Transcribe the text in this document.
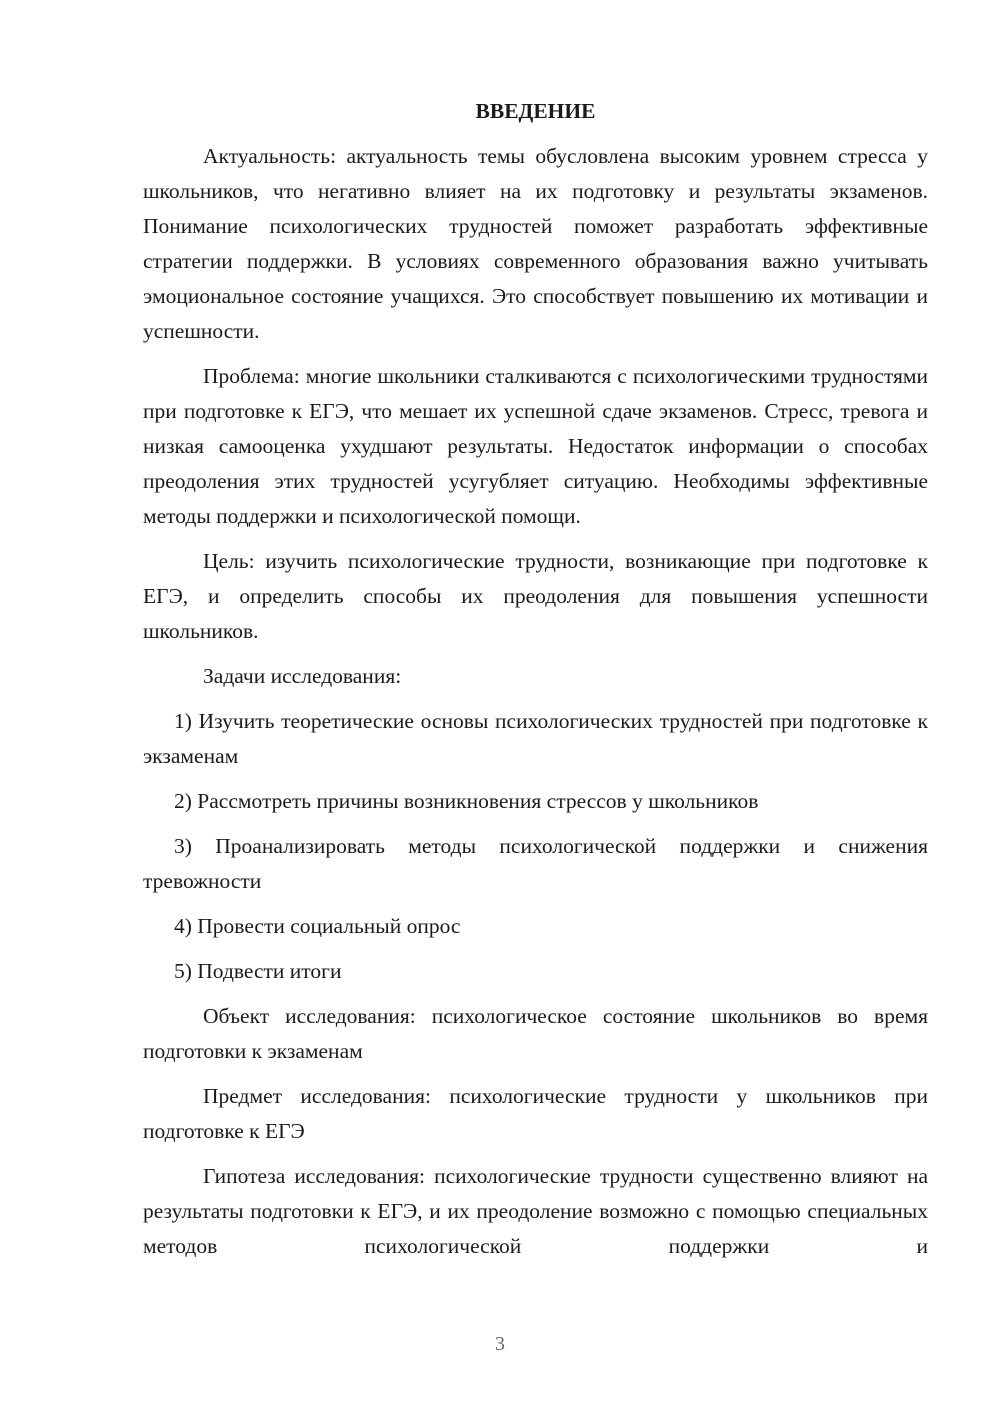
ВВЕДЕНИЕ

Актуальность: актуальность темы обусловлена высоким уровнем стресса у школьников, что негативно влияет на их подготовку и результаты экзаменов. Понимание психологических трудностей поможет разработать эффективные стратегии поддержки. В условиях современного образования важно учитывать эмоциональное состояние учащихся. Это способствует повышению их мотивации и успешности.

Проблема: многие школьники сталкиваются с психологическими трудностями при подготовке к ЕГЭ, что мешает их успешной сдаче экзаменов. Стресс, тревога и низкая самооценка ухудшают результаты. Недостаток информации о способах преодоления этих трудностей усугубляет ситуацию. Необходимы эффективные методы поддержки и психологической помощи.

Цель: изучить психологические трудности, возникающие при подготовке к ЕГЭ, и определить способы их преодоления для повышения успешности школьников.

Задачи исследования:

1) Изучить теоретические основы психологических трудностей при подготовке к экзаменам

2) Рассмотреть причины возникновения стрессов у школьников

3) Проанализировать методы психологической поддержки и снижения тревожности

4) Провести социальный опрос

5) Подвести итоги

Объект исследования: психологическое состояние школьников во время подготовки к экзаменам

Предмет исследования: психологические трудности у школьников при подготовке к ЕГЭ

Гипотеза исследования: психологические трудности существенно влияют на результаты подготовки к ЕГЭ, и их преодоление возможно с помощью специальных методов психологической поддержки и

3
